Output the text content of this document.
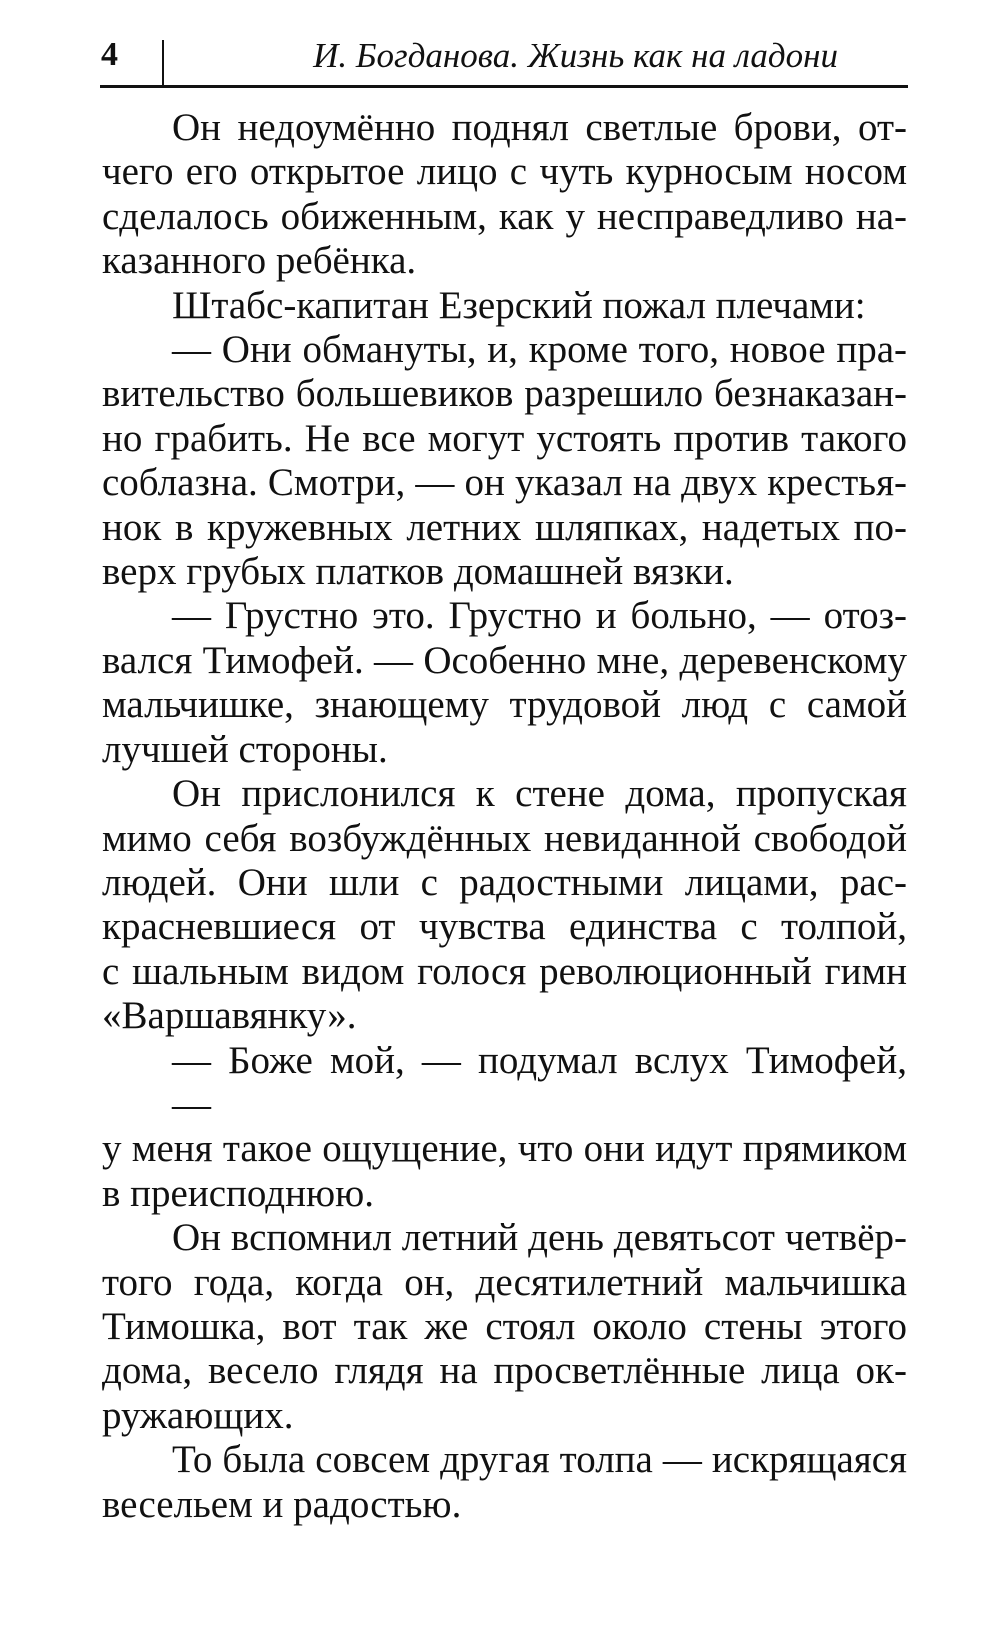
4	И. Богданова. Жизнь как на ладони
Он недоумённо поднял светлые брови, от-
чего его открытое лицо с чуть курносым носом
сделалось обиженным, как у несправедливо на-
казанного ребёнка.
Штабс-капитан Езерский пожал плечами:
— Они обмануты, и, кроме того, новое пра-
вительство большевиков разрешило безнаказан-
но грабить. Не все могут устоять против такого
соблазна. Смотри, — он указал на двух крестья-
нок в кружевных летних шляпках, надетых по-
верх грубых платков домашней вязки.
— Грустно это. Грустно и больно, — отоз-
вался Тимофей. — Особенно мне, деревенскому
мальчишке, знающему трудовой люд с самой
лучшей стороны.
Он прислонился к стене дома, пропуская
мимо себя возбуждённых невиданной свободой
людей. Они шли с радостными лицами, рас-
красневшиеся от чувства единства с толпой,
с шальным видом голося революционный гимн
«Варшавянку».
— Боже мой, — подумал вслух Тимофей, —
у меня такое ощущение, что они идут прямиком
в преисподнюю.
Он вспомнил летний день девятьсот четвёр-
того года, когда он, десятилетний мальчишка
Тимошка, вот так же стоял около стены этого
дома, весело глядя на просветлённые лица ок-
ружающих.
То была совсем другая толпа — искрящаяся
весельем и радостью.
